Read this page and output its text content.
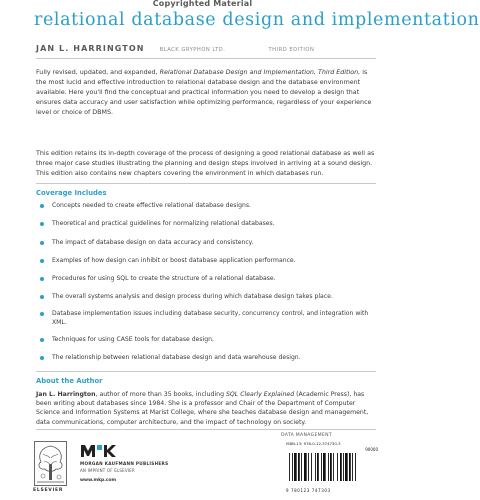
Copyrighted Material
relational database design and implementation
JAN L. HARRINGTON	BLACK GRYPHON LTD.	THIRD EDITION

Fully revised, updated, and expanded, Relational Database Design and Implementation, Third Edition, is the most lucid and effective introduction to relational database design and the database environment available. Here you'll find the conceptual and practical information you need to develop a design that ensures data accuracy and user satisfaction while optimizing performance, regardless of your experience level or choice of DBMS.

This edition retains its in-depth coverage of the process of designing a good relational database as well as three major case studies illustrating the planning and design steps involved in arriving at a sound design. This edition also contains new chapters covering the environment in which databases run.

Coverage Includes
Concepts needed to create effective relational database designs.
Theoretical and practical guidelines for normalizing relational databases.
The impact of database design on data accuracy and consistency.
Examples of how design can inhibit or boost database application performance.
Procedures for using SQL to create the structure of a relational database.
The overall systems analysis and design process during which database design takes place.
Database implementation issues including database security, concurrency control, and integration with XML.
Techniques for using CASE tools for database design,
The relationship between relational database design and data warehouse design.
About the Author

Jan L. Harrington, author of more than 35 books, including SQL Clearly Explained (Academic Press), has been writing about databases since 1984. She is a professor and Chair of the Department of Computer Science and Information Systems at Marist College, where she teaches database design and management, data communications, computer architecture, and the impact of technology on society.

ELSEVIER
MORGAN KAUFMANN PUBLISHERS
AN IMPRINT OF ELSEVIER
www.mkp.com
DATA MANAGEMENT
ISBN-13: 978-0-12-374730-3
90000
9 780123 747303
